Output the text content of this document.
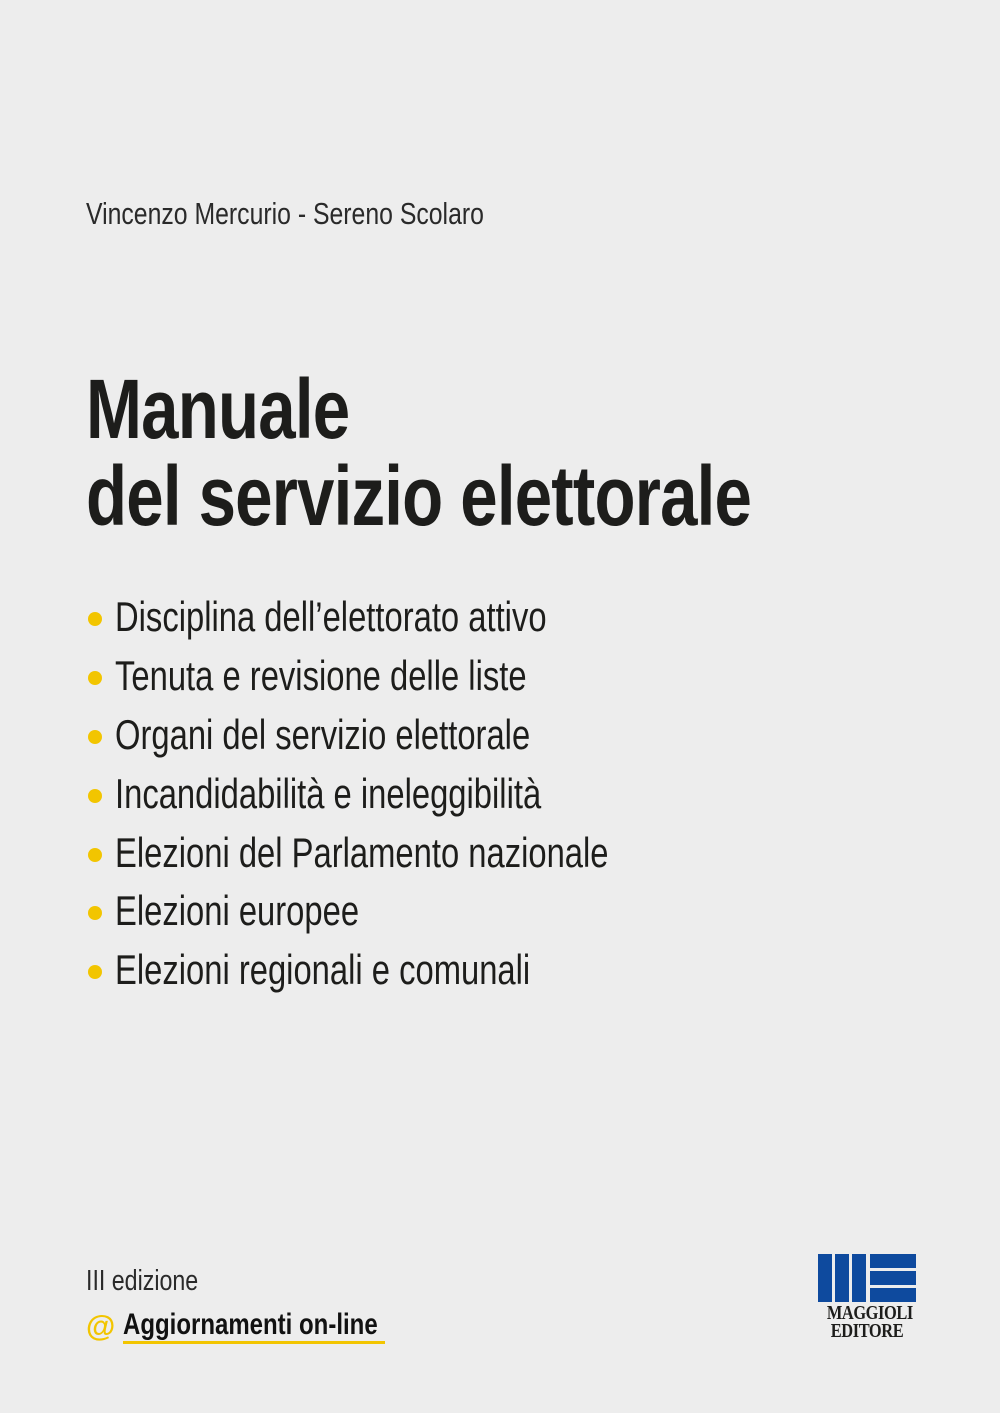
Vincenzo Mercurio - Sereno Scolaro
Manuale
del servizio elettorale
Disciplina dell’elettorato attivo
Tenuta e revisione delle liste
Organi del servizio elettorale
Incandidabilità e ineleggibilità
Elezioni del Parlamento nazionale
Elezioni europee
Elezioni regionali e comunali
III edizione
@ Aggiornamenti on-line	MAGGIOLI
EDITORE
